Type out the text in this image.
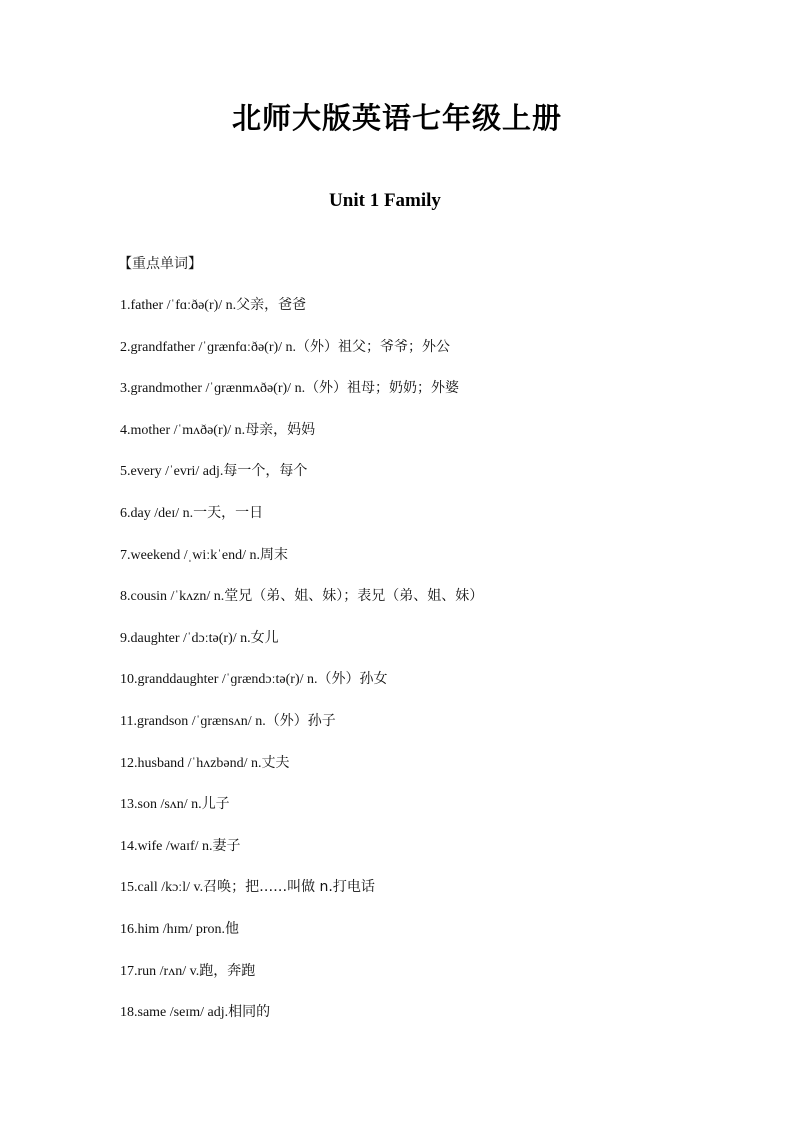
北师大版英语七年级上册
Unit 1 Family

【重点单词】

1.father /ˈfɑːðə(r)/ n.父亲，爸爸
2.grandfather /ˈɡrænfɑːðə(r)/ n.（外）祖父；爷爷；外公
3.grandmother /ˈɡrænmʌðə(r)/ n.（外）祖母；奶奶；外婆
4.mother /ˈmʌðə(r)/ n.母亲，妈妈
5.every /ˈevri/ adj.每一个，每个
6.day /deɪ/ n.一天，一日
7.weekend /ˌwiːkˈend/ n.周末
8.cousin /ˈkʌzn/ n.堂兄（弟、姐、妹）；表兄（弟、姐、妹）
9.daughter /ˈdɔːtə(r)/ n.女儿
10.granddaughter /ˈɡrændɔːtə(r)/ n.（外）孙女
11.grandson /ˈɡrænsʌn/ n.（外）孙子
12.husband /ˈhʌzbənd/ n.丈夫
13.son /sʌn/ n.儿子
14.wife /waɪf/ n.妻子
15.call /kɔːl/ v.召唤；把……叫做 n.打电话
16.him /hɪm/ pron.他
17.run /rʌn/ v.跑，奔跑
18.same /seɪm/ adj.相同的
